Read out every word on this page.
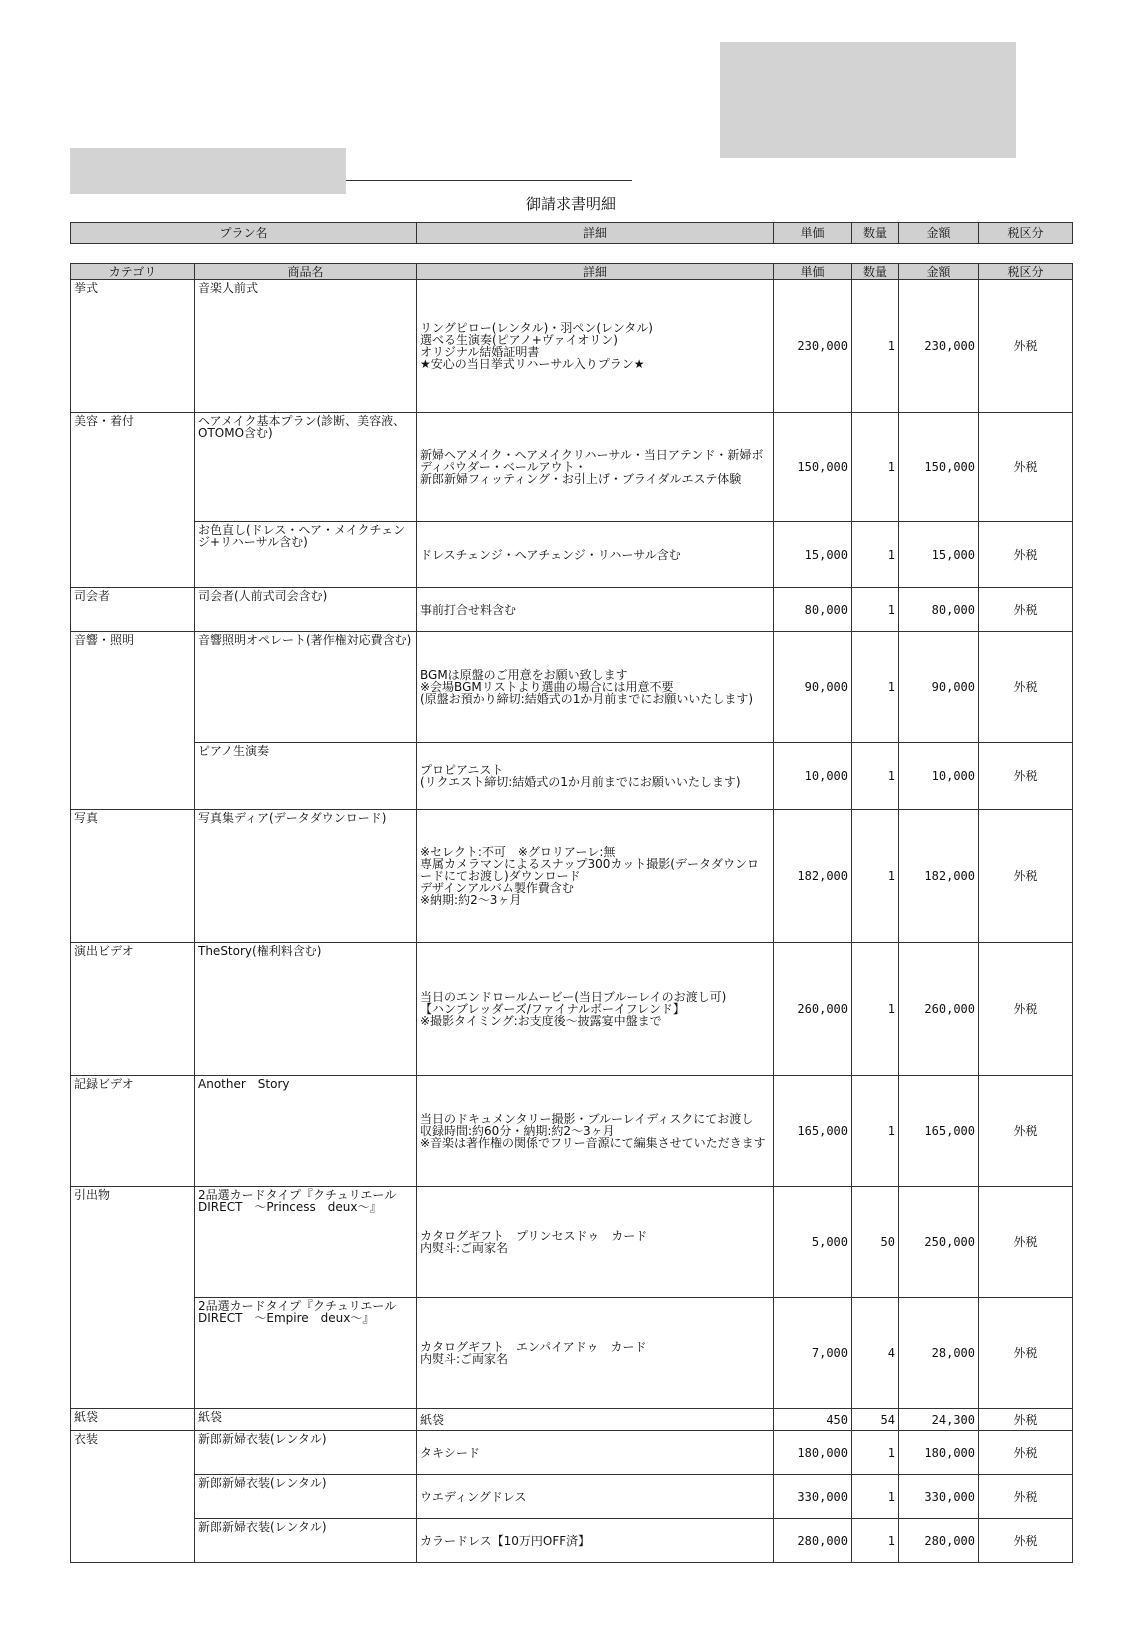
御請求書明細
プラン名	詳細	単価	数量	金額	税区分
カテゴリ	商品名	詳細	単価	数量	金額	税区分
挙式	音楽人前式	リングピロー(レンタル)・羽ペン(レンタル)
選べる生演奏(ピアノ+ヴァイオリン)
オリジナル結婚証明書
★安心の当日挙式リハーサル入りプラン★	230,000	1	230,000	外税
美容・着付	ヘアメイク基本プラン(診断、美容液、OTOMO含む)	新婦ヘアメイク・ヘアメイクリハーサル・当日アテンド・新婦ボディパウダー・ベールアウト・
新郎新婦フィッティング・お引上げ・ブライダルエステ体験	150,000	1	150,000	外税
	お色直し(ドレス・ヘア・メイクチェンジ+リハーサル含む)	ドレスチェンジ・ヘアチェンジ・リハーサル含む	15,000	1	15,000	外税
司会者	司会者(人前式司会含む)	事前打合せ料含む	80,000	1	80,000	外税
音響・照明	音響照明オペレート(著作権対応費含む)	BGMは原盤のご用意をお願い致します
※会場BGMリストより選曲の場合には用意不要
(原盤お預かり締切:結婚式の1か月前までにお願いいたします)	90,000	1	90,000	外税
	ピアノ生演奏	プロピアニスト
(リクエスト締切:結婚式の1か月前までにお願いいたします)	10,000	1	10,000	外税
写真	写真集ディア(データダウンロード)	※セレクト:不可　※グロリアーレ:無
専属カメラマンによるスナップ300カット撮影(データダウンロードにてお渡し)ダウンロード
デザインアルバム製作費含む
※納期:約2〜3ヶ月	182,000	1	182,000	外税
演出ビデオ	TheStory(権利料含む)	当日のエンドロールムービー(当日ブルーレイのお渡し可)
【ハンブレッダーズ/ファイナルボーイフレンド】
※撮影タイミング:お支度後〜披露宴中盤まで	260,000	1	260,000	外税
記録ビデオ	Another　Story	当日のドキュメンタリー撮影・ブルーレイディスクにてお渡し
収録時間:約60分・納期:約2〜3ヶ月
※音楽は著作権の関係でフリー音源にて編集させていただきます	165,000	1	165,000	外税
引出物	2品選カードタイプ『クチュリエール　DIRECT　〜Princess　deux〜』	カタログギフト　プリンセスドゥ　カード
内熨斗:ご両家名	5,000	50	250,000	外税
	2品選カードタイプ『クチュリエール　DIRECT　〜Empire　deux〜』	カタログギフト　エンパイアドゥ　カード
内熨斗:ご両家名	7,000	4	28,000	外税
紙袋	紙袋	紙袋	450	54	24,300	外税
衣装	新郎新婦衣装(レンタル)	タキシード	180,000	1	180,000	外税
	新郎新婦衣装(レンタル)	ウエディングドレス	330,000	1	330,000	外税
	新郎新婦衣装(レンタル)	カラードレス【10万円OFF済】	280,000	1	280,000	外税
